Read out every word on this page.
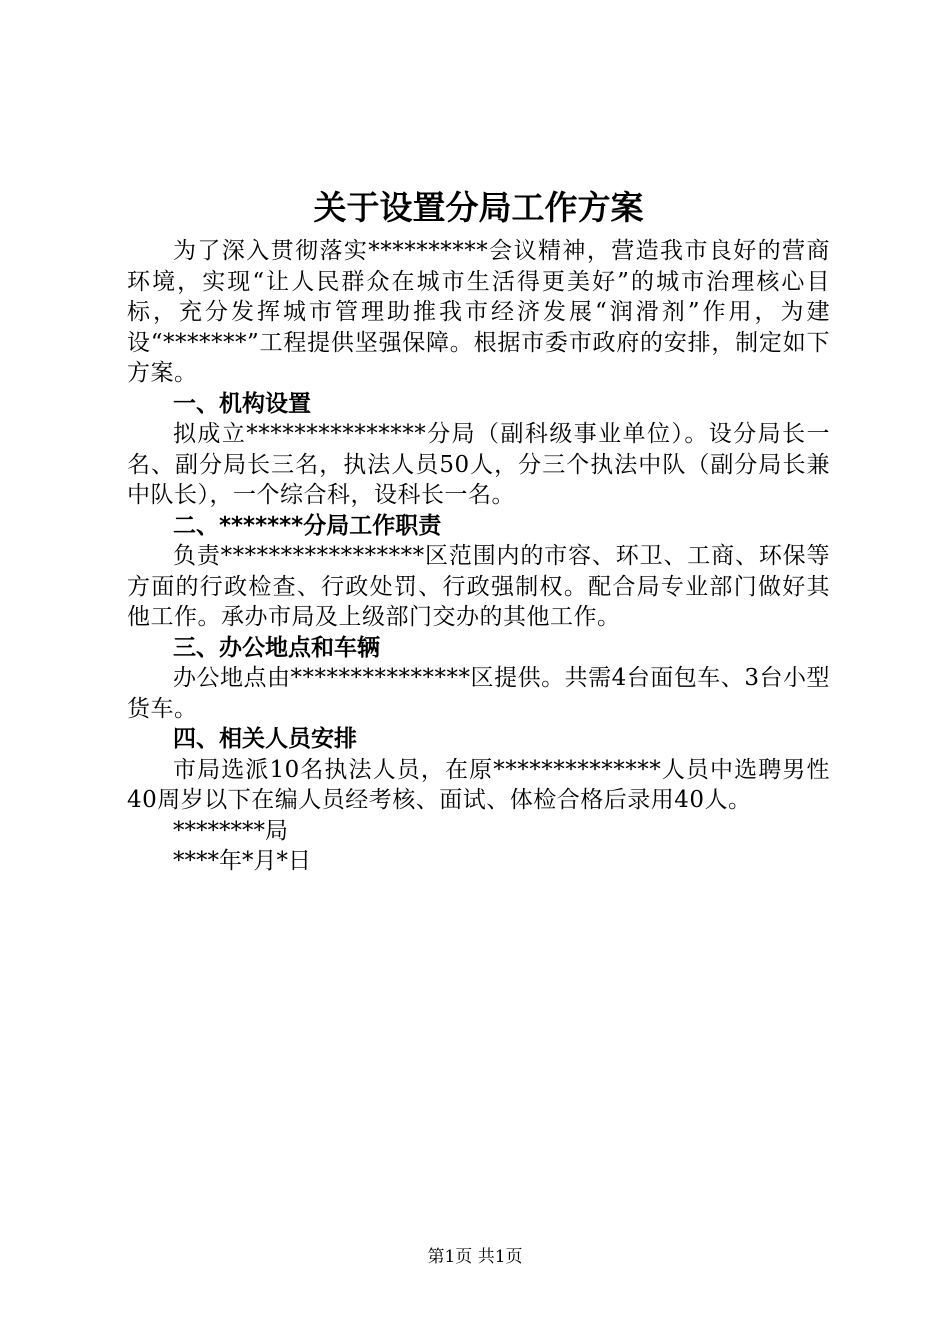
关于设置分局工作方案

为了深入贯彻落实**********会议精神，营造我市良好的营商环境，实现“让人民群众在城市生活得更美好”的城市治理核心目标，充分发挥城市管理助推我市经济发展“润滑剂”作用，为建设“*******”工程提供坚强保障。根据市委市政府的安排，制定如下方案。

一、机构设置

拟成立***************分局（副科级事业单位）。设分局长一名、副分局长三名，执法人员50人，分三个执法中队（副分局长兼中队长），一个综合科，设科长一名。

二、*******分局工作职责

负责*****************区范围内的市容、环卫、工商、环保等方面的行政检查、行政处罚、行政强制权。配合局专业部门做好其他工作。承办市局及上级部门交办的其他工作。

三、办公地点和车辆

办公地点由***************区提供。共需4台面包车、3台小型货车。

四、相关人员安排

市局选派10名执法人员，在原**************人员中选聘男性40周岁以下在编人员经考核、面试、体检合格后录用40人。

********局

****年*月*日

第1页 共1页
